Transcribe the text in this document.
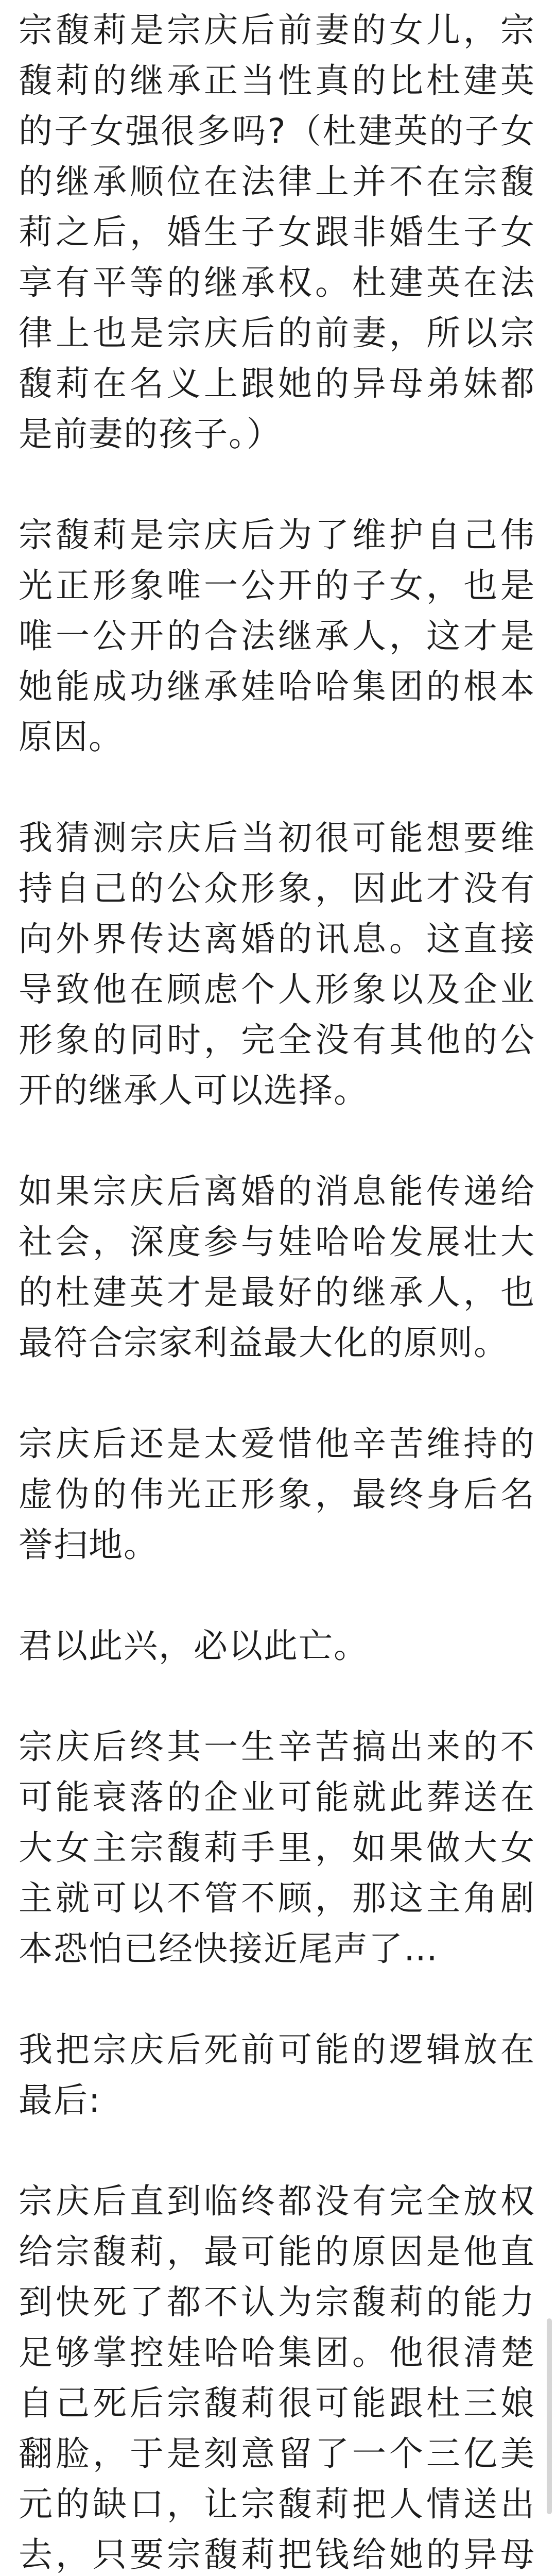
宗馥莉是宗庆后前妻的女儿，宗馥莉的继承正当性真的比杜建英的子女强很多吗?（杜建英的子女的继承顺位在法律上并不在宗馥莉之后，婚生子女跟非婚生子女享有平等的继承权。杜建英在法律上也是宗庆后的前妻，所以宗馥莉在名义上跟她的异母弟妹都是前妻的孩子。）

宗馥莉是宗庆后为了维护自己伟光正形象唯一公开的子女，也是唯一公开的合法继承人，这才是她能成功继承娃哈哈集团的根本原因。

我猜测宗庆后当初很可能想要维持自己的公众形象，因此才没有向外界传达离婚的讯息。这直接导致他在顾虑个人形象以及企业形象的同时，完全没有其他的公开的继承人可以选择。

如果宗庆后离婚的消息能传递给社会，深度参与娃哈哈发展壮大的杜建英才是最好的继承人，也最符合宗家利益最大化的原则。

宗庆后还是太爱惜他辛苦维持的虚伪的伟光正形象，最终身后名誉扫地。

君以此兴，必以此亡。

宗庆后终其一生辛苦搞出来的不可能衰落的企业可能就此葬送在大女主宗馥莉手里，如果做大女主就可以不管不顾，那这主角剧本恐怕已经快接近尾声了…

我把宗庆后死前可能的逻辑放在最后:

宗庆后直到临终都没有完全放权给宗馥莉，最可能的原因是他直到快死了都不认为宗馥莉的能力足够掌控娃哈哈集团。他很清楚自己死后宗馥莉很可能跟杜三娘翻脸，于是刻意留了一个三亿美元的缺口，让宗馥莉把人情送出去，只要宗馥莉把钱给她的异母
